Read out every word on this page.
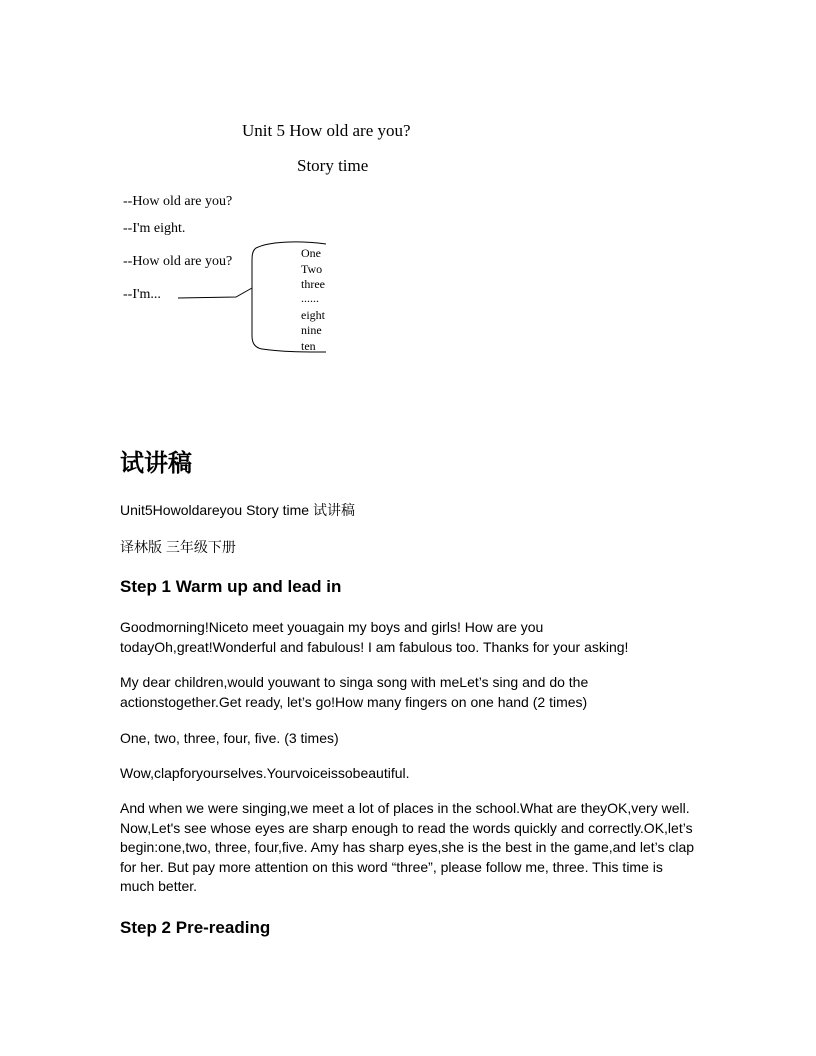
Unit 5 How old are you?
Story time
--How old are you?
--I'm eight.
--How old are you?
--I'm...
One
Two
three
......
eight
nine
ten
试讲稿
Unit5Howoldareyou Story time 试讲稿
译林版 三年级下册
Step 1 Warm up and lead in
Goodmorning!Niceto meet youagain my boys and girls! How are you todayOh,great!Wonderful and fabulous! I am fabulous too. Thanks for your asking!
My dear children,would youwant to singa song with meLet’s sing and do the actionstogether.Get ready, let’s go!How many fingers on one hand (2 times)
One, two, three, four, five. (3 times)
Wow,clapforyourselves.Yourvoiceissobeautiful.
And when we were singing,we meet a lot of places in the school.What are theyOK,very well. Now,Let's see whose eyes are sharp enough to read the words quickly and correctly.OK,let’s begin:one,two, three, four,five. Amy has sharp eyes,she is the best in the game,and let’s clap for her. But pay more attention on this word “three”, please follow me, three. This time is much better.
Step 2 Pre-reading
